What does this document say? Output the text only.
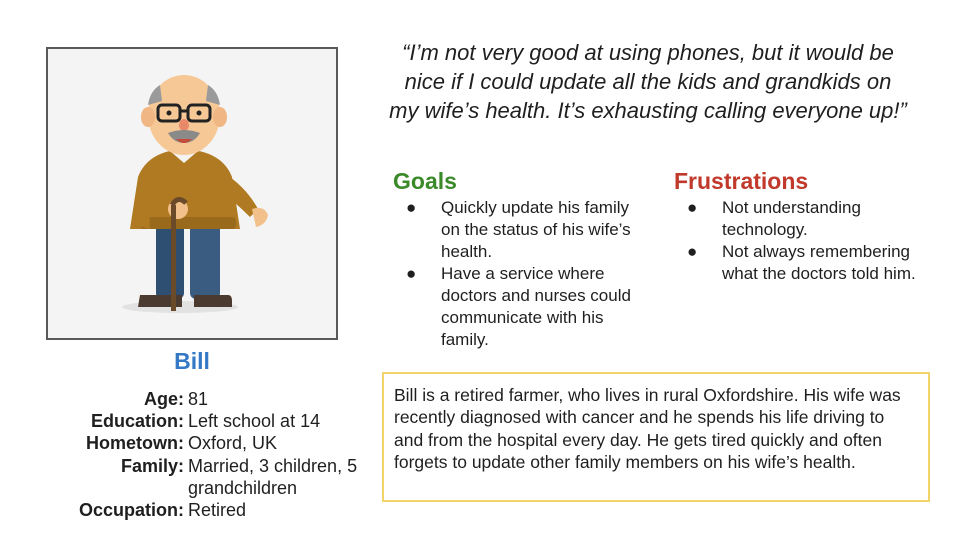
Bill
Age: 81
Education: Left school at 14
Hometown: Oxford, UK
Family: Married, 3 children, 5 grandchildren
Occupation: Retired
“I’m not very good at using phones, but it would be nice if I could update all the kids and grandkids on my wife’s health. It’s exhausting calling everyone up!”
Goals
● Quickly update his family on the status of his wife’s health.
● Have a service where doctors and nurses could communicate with his family.
Frustrations
● Not understanding technology.
● Not always remembering what the doctors told him.
Bill is a retired farmer, who lives in rural Oxfordshire. His wife was recently diagnosed with cancer and he spends his life driving to and from the hospital every day. He gets tired quickly and often forgets to update other family members on his wife’s health.
